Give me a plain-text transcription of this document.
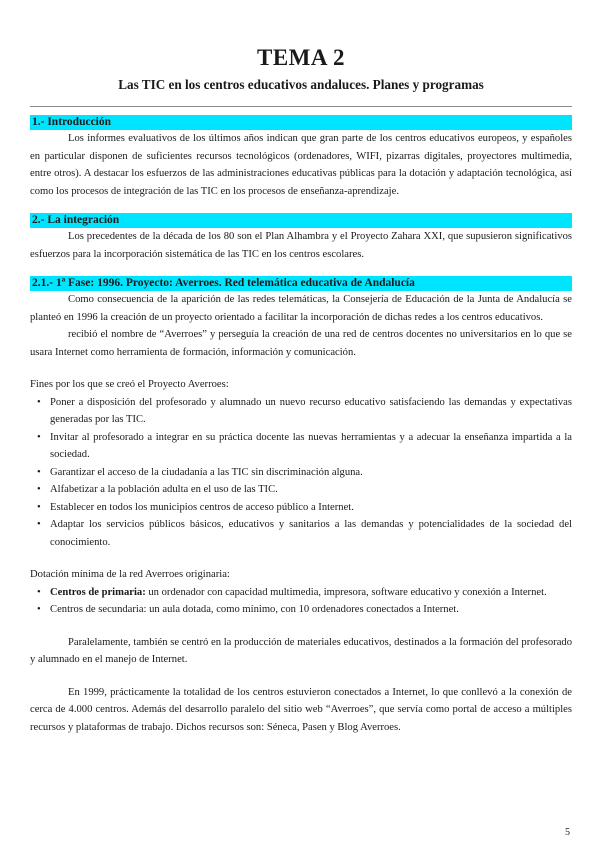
TEMA 2
Las TIC en los centros educativos andaluces. Planes y programas
1.- Introducción

Los informes evaluativos de los últimos años indican que gran parte de los centros educativos europeos, y españoles en particular disponen de suficientes recursos tecnológicos (ordenadores, WIFI, pizarras digitales, proyectores multimedia, entre otros). A destacar los esfuerzos de las administraciones educativas públicas para la dotación y adaptación tecnológica, así como los procesos de integración de las TIC en los procesos de enseñanza-aprendizaje.

2.- La integración

Los precedentes de la década de los 80 son el Plan Alhambra y el Proyecto Zahara XXI, que supusieron significativos esfuerzos para la incorporación sistemática de las TIC en los centros escolares.

2.1.- 1ª Fase: 1996. Proyecto: Averroes. Red telemática educativa de Andalucía

Como consecuencia de la aparición de las redes telemáticas, la Consejería de Educación de la Junta de Andalucía se planteó en 1996 la creación de un proyecto orientado a facilitar la incorporación de dichas redes a los centros educativos.

recibió el nombre de “Averroes” y perseguía la creación de una red de centros docentes no universitarios en lo que se usara Internet como herramienta de formación, información y comunicación.

Fines por los que se creó el Proyecto Averroes:

• Poner a disposición del profesorado y alumnado un nuevo recurso educativo satisfaciendo las demandas y expectativas generadas por las TIC.
• Invitar al profesorado a integrar en su práctica docente las nuevas herramientas y a adecuar la enseñanza impartida a la sociedad.
• Garantizar el acceso de la ciudadanía a las TIC sin discriminación alguna.
• Alfabetizar a la población adulta en el uso de las TIC.
• Establecer en todos los municipios centros de acceso público a Internet.
• Adaptar los servicios públicos básicos, educativos y sanitarios a las demandas y potencialidades de la sociedad del conocimiento.

Dotación mínima de la red Averroes originaria:

• Centros de primaria: un ordenador con capacidad multimedia, impresora, software educativo y conexión a Internet.
• Centros de secundaria: un aula dotada, como mínimo, con 10 ordenadores conectados a Internet.

Paralelamente, también se centró en la producción de materiales educativos, destinados a la formación del profesorado y alumnado en el manejo de Internet.

En 1999, prácticamente la totalidad de los centros estuvieron conectados a Internet, lo que conllevó a la conexión de cerca de 4.000 centros. Además del desarrollo paralelo del sitio web “Averroes”, que servía como portal de acceso a múltiples recursos y plataformas de trabajo. Dichos recursos son: Séneca, Pasen y Blog Averroes.

5
